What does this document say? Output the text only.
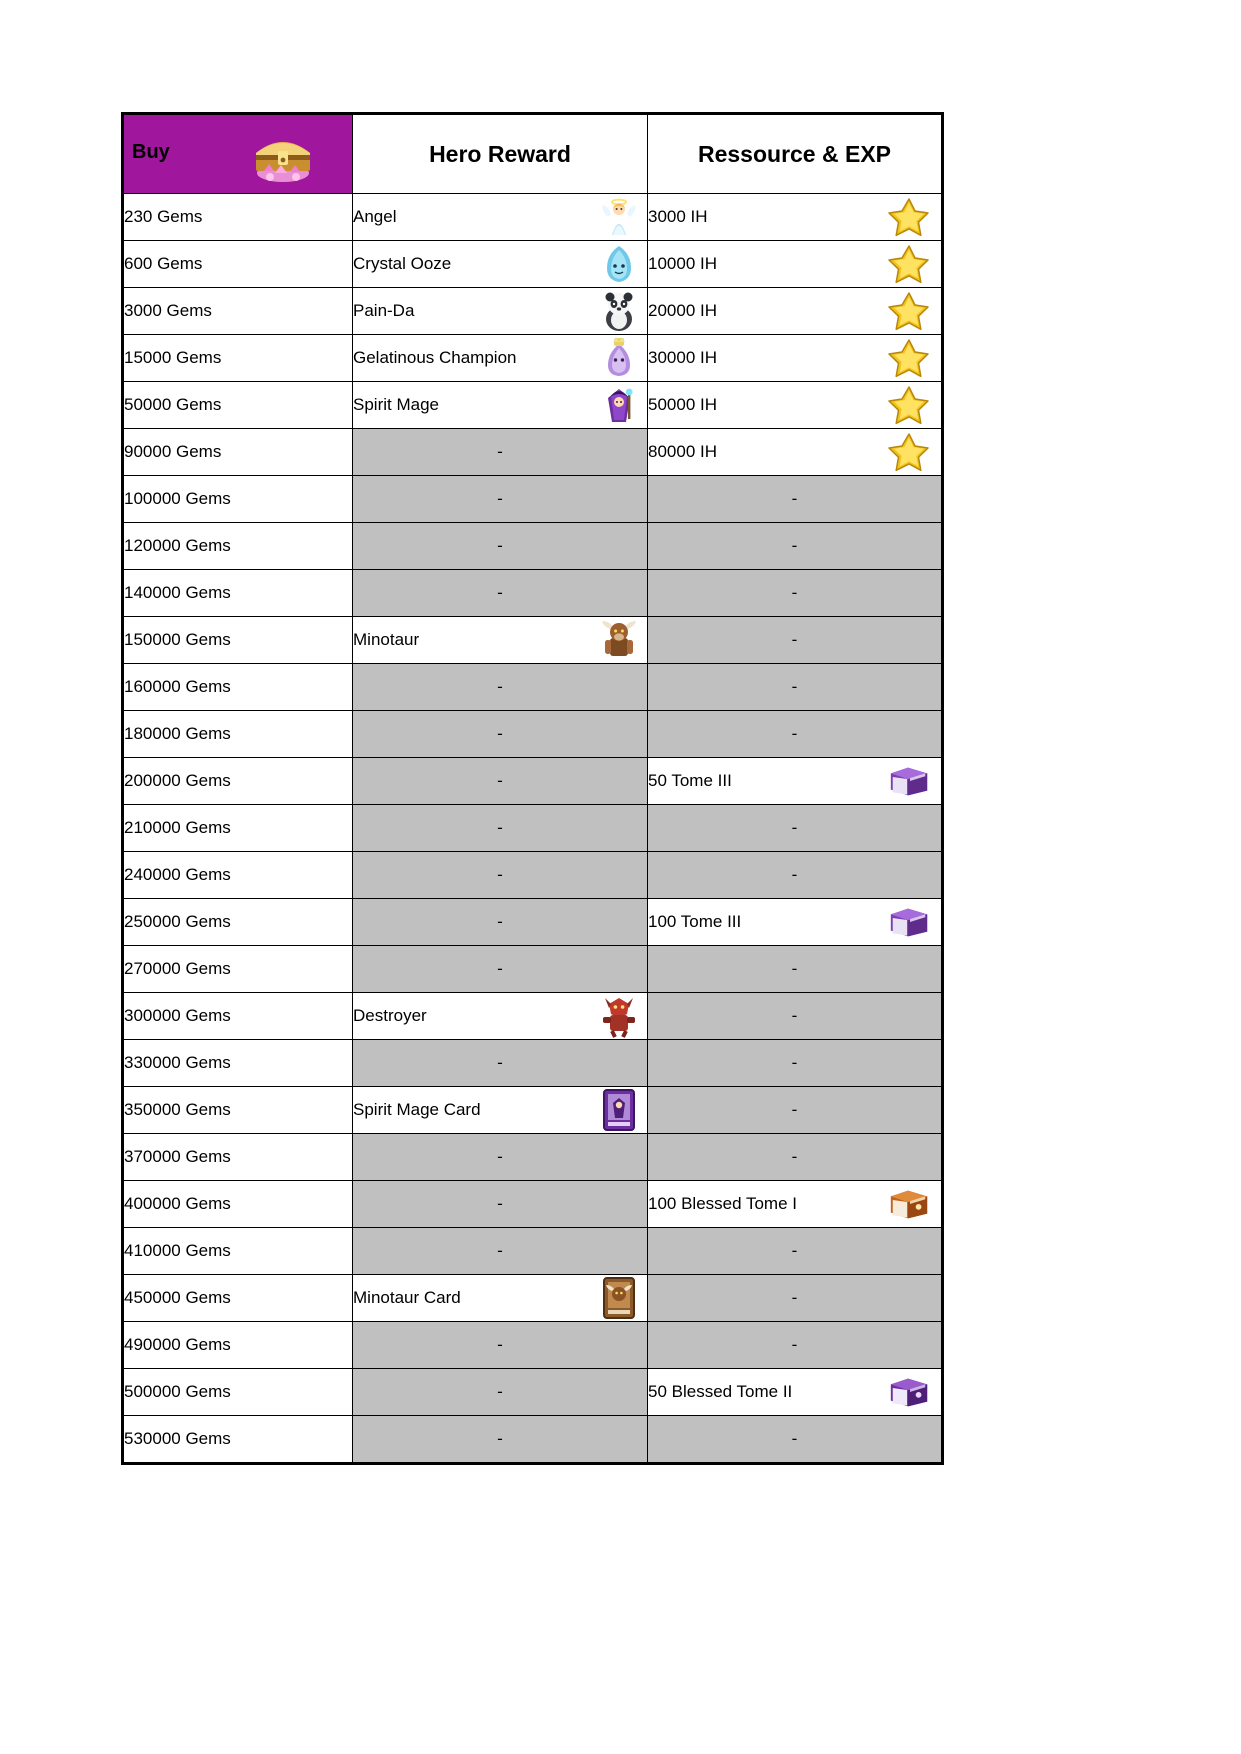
Buy	Hero Reward	Ressource & EXP
230 Gems	Angel	3000 IH

600 Gems	Crystal Ooze	10000 IH

3000 Gems	Pain-Da	20000 IH

15000 Gems	Gelatinous Champion	30000 IH

50000 Gems	Spirit Mage	50000 IH

90000 Gems	-	80000 IH

100000 Gems	-	-
120000 Gems	-	-
140000 Gems	-	-
150000 Gems	Minotaur	-
160000 Gems	-	-
180000 Gems	-	-
200000 Gems	-	50 Tome III

210000 Gems	-	-
240000 Gems	-	-
250000 Gems	-	100 Tome III

270000 Gems	-	-
300000 Gems	Destroyer	-
330000 Gems	-	-
350000 Gems	Spirit Mage Card	-
370000 Gems	-	-
400000 Gems	-	100 Blessed Tome I

410000 Gems	-	-
450000 Gems	Minotaur Card	-
490000 Gems	-	-
500000 Gems	-	50 Blessed Tome II

530000 Gems	-	-
